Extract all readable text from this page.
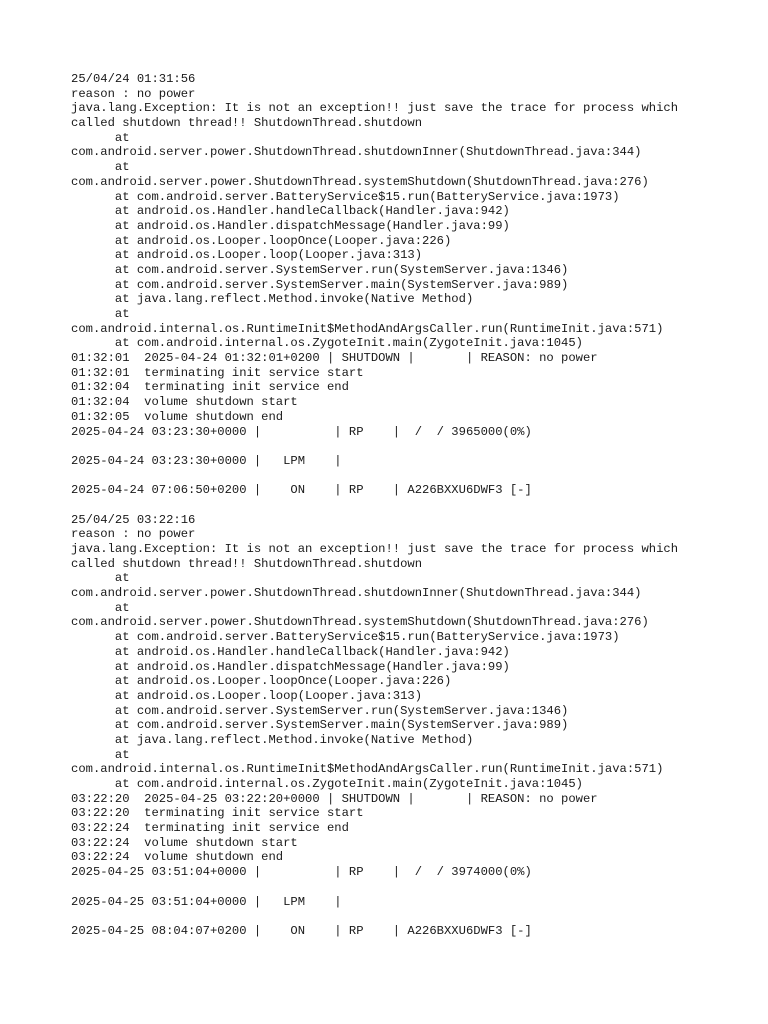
25/04/24 01:31:56
reason : no power
java.lang.Exception: It is not an exception!! just save the trace for process which
called shutdown thread!! ShutdownThread.shutdown
at
com.android.server.power.ShutdownThread.shutdownInner(ShutdownThread.java:344)
at
com.android.server.power.ShutdownThread.systemShutdown(ShutdownThread.java:276)
at com.android.server.BatteryService$15.run(BatteryService.java:1973)
at android.os.Handler.handleCallback(Handler.java:942)
at android.os.Handler.dispatchMessage(Handler.java:99)
at android.os.Looper.loopOnce(Looper.java:226)
at android.os.Looper.loop(Looper.java:313)
at com.android.server.SystemServer.run(SystemServer.java:1346)
at com.android.server.SystemServer.main(SystemServer.java:989)
at java.lang.reflect.Method.invoke(Native Method)
at
com.android.internal.os.RuntimeInit$MethodAndArgsCaller.run(RuntimeInit.java:571)
at com.android.internal.os.ZygoteInit.main(ZygoteInit.java:1045)
01:32:01  2025-04-24 01:32:01+0200 | SHUTDOWN |       | REASON: no power
01:32:01  terminating init service start
01:32:04  terminating init service end
01:32:04  volume shutdown start
01:32:05  volume shutdown end
2025-04-24 03:23:30+0000 |          | RP    |  /  / 3965000(0%)
2025-04-24 03:23:30+0000 |   LPM    |
2025-04-24 07:06:50+0200 |    ON    | RP    | A226BXXU6DWF3 [-]
25/04/25 03:22:16
reason : no power
java.lang.Exception: It is not an exception!! just save the trace for process which
called shutdown thread!! ShutdownThread.shutdown
at
com.android.server.power.ShutdownThread.shutdownInner(ShutdownThread.java:344)
at
com.android.server.power.ShutdownThread.systemShutdown(ShutdownThread.java:276)
at com.android.server.BatteryService$15.run(BatteryService.java:1973)
at android.os.Handler.handleCallback(Handler.java:942)
at android.os.Handler.dispatchMessage(Handler.java:99)
at android.os.Looper.loopOnce(Looper.java:226)
at android.os.Looper.loop(Looper.java:313)
at com.android.server.SystemServer.run(SystemServer.java:1346)
at com.android.server.SystemServer.main(SystemServer.java:989)
at java.lang.reflect.Method.invoke(Native Method)
at
com.android.internal.os.RuntimeInit$MethodAndArgsCaller.run(RuntimeInit.java:571)
at com.android.internal.os.ZygoteInit.main(ZygoteInit.java:1045)
03:22:20  2025-04-25 03:22:20+0000 | SHUTDOWN |       | REASON: no power
03:22:20  terminating init service start
03:22:24  terminating init service end
03:22:24  volume shutdown start
03:22:24  volume shutdown end
2025-04-25 03:51:04+0000 |          | RP    |  /  / 3974000(0%)
2025-04-25 03:51:04+0000 |   LPM    |
2025-04-25 08:04:07+0200 |    ON    | RP    | A226BXXU6DWF3 [-]
